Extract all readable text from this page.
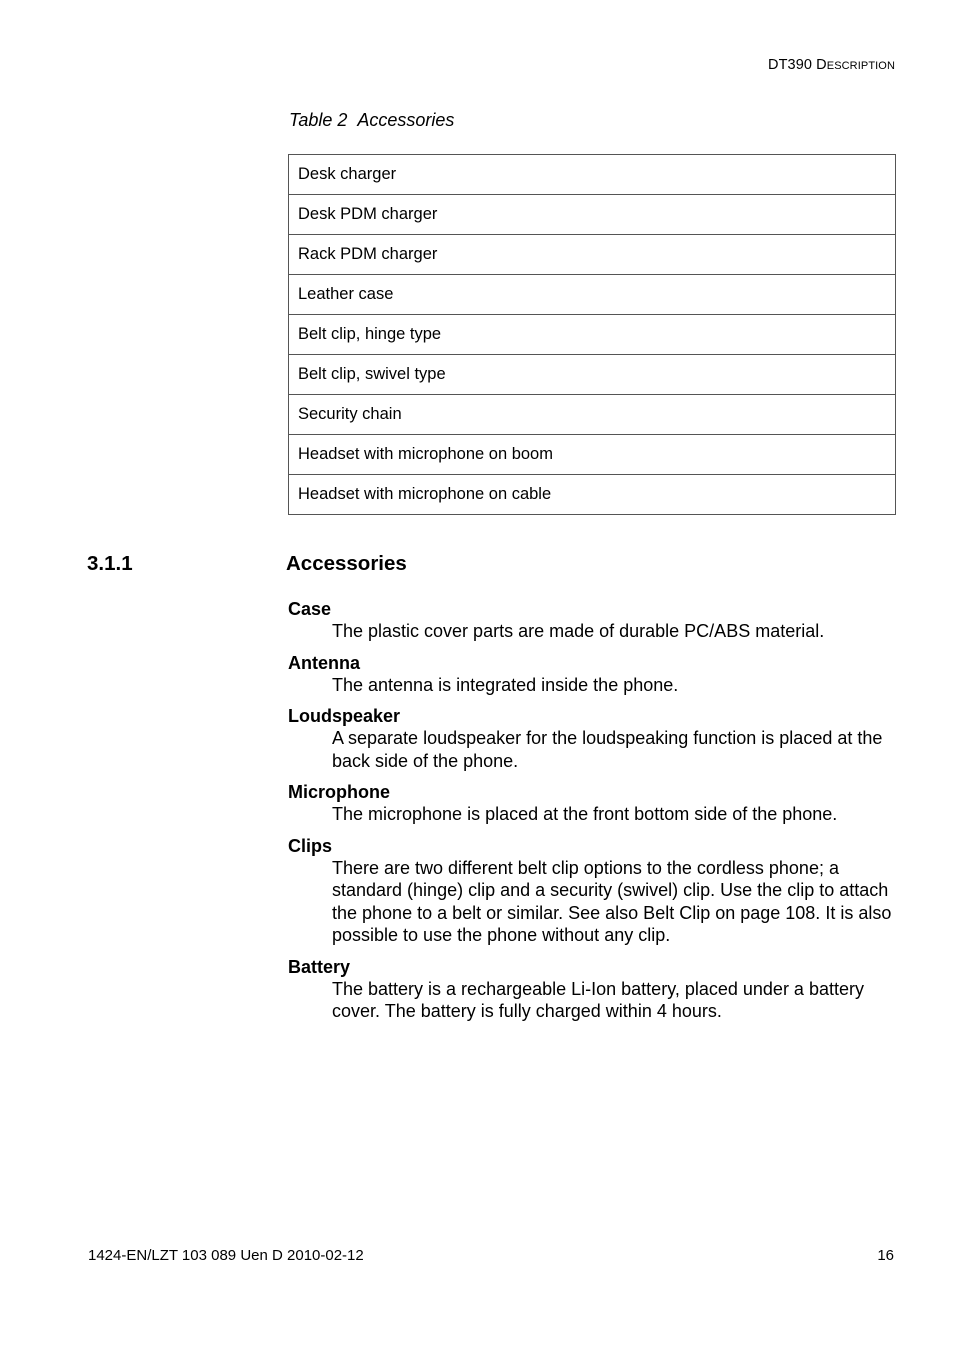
DT390 DESCRIPTION
Table 2 Accessories
Desk charger
Desk PDM charger
Rack PDM charger
Leather case
Belt clip, hinge type
Belt clip, swivel type
Security chain
Headset with microphone on boom
Headset with microphone on cable
3.1.1	Accessories
Case
The plastic cover parts are made of durable PC/ABS material.
Antenna
The antenna is integrated inside the phone.
Loudspeaker
A separate loudspeaker for the loudspeaking function is placed at the back side of the phone.
Microphone
The microphone is placed at the front bottom side of the phone.
Clips
There are two different belt clip options to the cordless phone; a standard (hinge) clip and a security (swivel) clip. Use the clip to attach the phone to a belt or similar. See also Belt Clip on page 108. It is also possible to use the phone without any clip.
Battery
The battery is a rechargeable Li-Ion battery, placed under a battery cover. The battery is fully charged within 4 hours.
1424-EN/LZT 103 089 Uen D 2010-02-12	16
